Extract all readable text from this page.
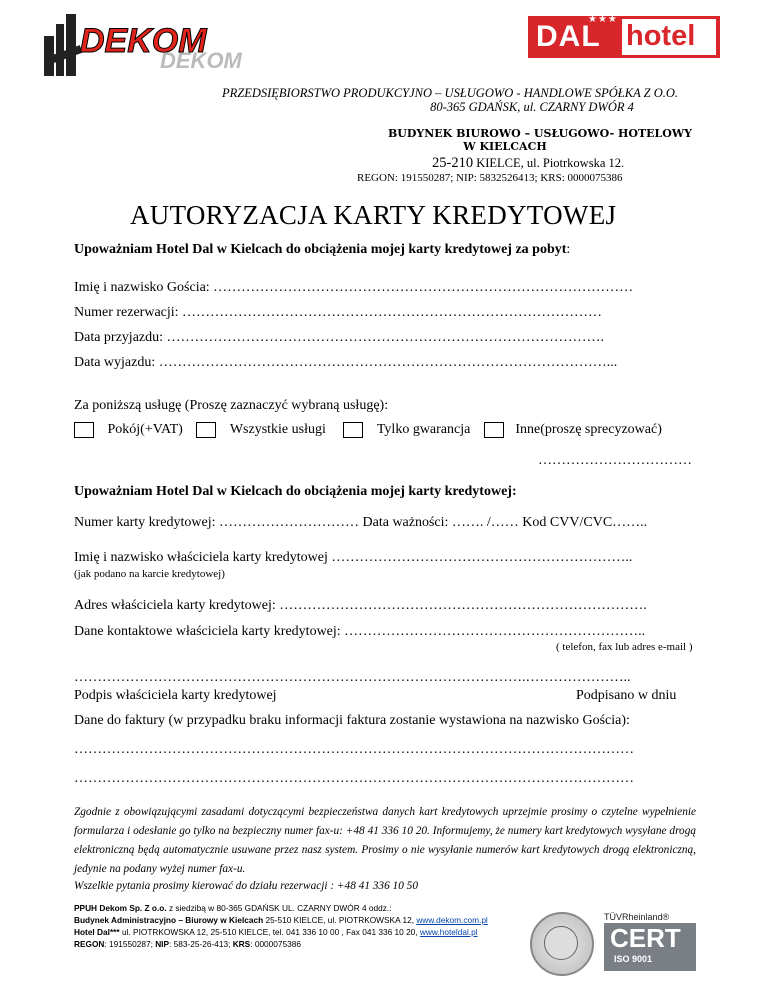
DEKOM
DEKOM
DAL
★★★
hotel
PRZEDSIĘBIORSTWO PRODUKCYJNO – USŁUGOWO - HANDLOWE SPÓŁKA Z O.O.
80-365 GDAŃSK, ul. CZARNY DWÓR 4
BUDYNEK BIUROWO – USŁUGOWO- HOTELOWY
W KIELCACH
25-210 KIELCE, ul. Piotrkowska 12.
REGON: 191550287; NIP: 5832526413; KRS: 0000075386
AUTORYZACJA KARTY KREDYTOWEJ
Upoważniam Hotel Dal w Kielcach do obciążenia mojej karty kredytowej za pobyt:
Imię i nazwisko Gościa: ………………………………………………………………………………
Numer rezerwacji: ………………………………………………………………………………
Data przyjazdu: ………………………………………………………………………………….
Data wyjazdu: ……………………………………………………………………………………...
Za poniższą usługę (Proszę zaznaczyć wybraną usługę):
Pokój(+VAT)	Wszystkie usługi	Tylko gwarancja	Inne(proszę sprecyzować)
……………………………
Upoważniam Hotel Dal w Kielcach do obciążenia mojej karty kredytowej:
Numer karty kredytowej: ………………………… Data ważności: ……. /…… Kod CVV/CVC……..
Imię i nazwisko właściciela karty kredytowej ………………………………………………………..
(jak podano na karcie kredytowej)
Adres właściciela karty kredytowej: …………………………………………………………………….
Dane kontaktowe właściciela karty kredytowej: ………………………………………………………..
( telefon, fax lub adres e-mail )
…………………………………………………………………………………….…………………..
Podpis właściciela karty kredytowej	Podpisano w dniu
Dane do faktury (w przypadku braku informacji faktura zostanie wystawiona na nazwisko Gościa):
…………………………………………………………………………………………………………
…………………………………………………………………………………………………………
Zgodnie z obowiązującymi zasadami dotyczącymi bezpieczeństwa danych kart kredytowych uprzejmie prosimy o czytelne wypełnienie formularza i odesłanie go tylko na bezpieczny numer fax-u: +48 41 336 10 20. Informujemy, że numery kart kredytowych wysyłane drogą elektroniczną będą automatycznie usuwane przez nasz system. Prosimy o nie wysyłanie numerów kart kredytowych drogą elektroniczną, jedynie na podany wyżej numer fax-u.
Wszelkie pytania prosimy kierować do działu rezerwacji : +48 41 336 10 50
PPUH Dekom Sp. Z o.o. z siedzibą w 80-365 GDAŃSK UL. CZARNY DWÓR 4 oddz.:
Budynek Administracyjno – Biurowy w Kielcach 25-510 KIELCE, ul. PIOTRKOWSKA 12, www.dekom.com.pl
Hotel Dal*** ul. PIOTRKOWSKA 12, 25-510 KIELCE, tel. 041 336 10 00 , Fax 041 336 10 20, www.hoteldal.pl
REGON: 191550287; NIP: 583-25-26-413; KRS: 0000075386
TÜVRheinland®
CERT
ISO 9001
